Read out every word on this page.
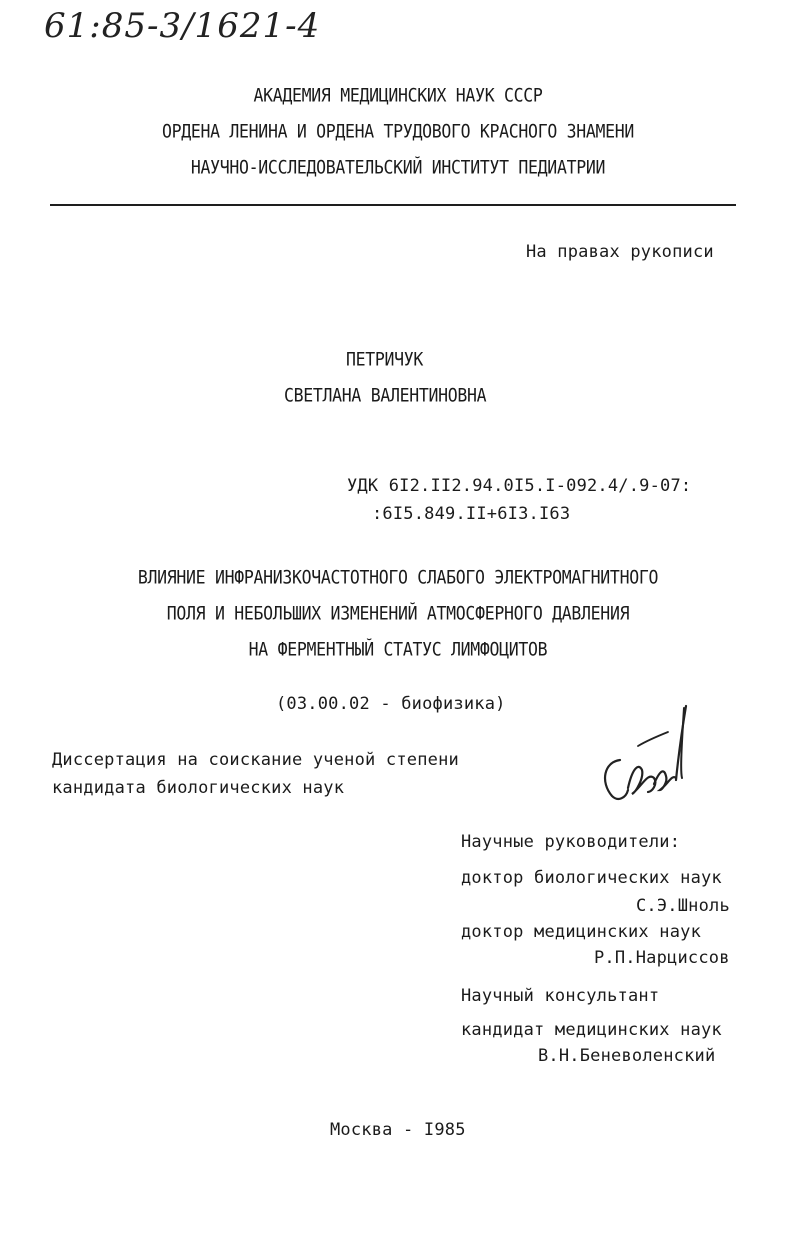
61:85-3/1621-4
АКАДЕМИЯ МЕДИЦИНСКИХ НАУК СССР
ОРДЕНА ЛЕНИНА И ОРДЕНА ТРУДОВОГО КРАСНОГО ЗНАМЕНИ
НАУЧНО-ИССЛЕДОВАТЕЛЬСКИЙ ИНСТИТУТ ПЕДИАТРИИ
На правах рукописи
ПЕТРИЧУК
СВЕТЛАНА ВАЛЕНТИНОВНА
УДК 6I2.II2.94.0I5.I-092.4/.9-07:
:6I5.849.II+6I3.I63
ВЛИЯНИЕ ИНФРАНИЗКОЧАСТОТНОГО СЛАБОГО ЭЛЕКТРОМАГНИТНОГО
ПОЛЯ И НЕБОЛЬШИХ ИЗМЕНЕНИЙ АТМОСФЕРНОГО ДАВЛЕНИЯ
НА ФЕРМЕНТНЫЙ СТАТУС ЛИМФОЦИТОВ
(03.00.02 - биофизика)
Диссертация на соискание ученой степени
кандидата биологических наук
Научные руководители:
доктор биологических наук
С.Э.Шноль
доктор медицинских наук
Р.П.Нарциссов
Научный консультант
кандидат медицинских наук
В.Н.Беневоленский
Москва - I985
